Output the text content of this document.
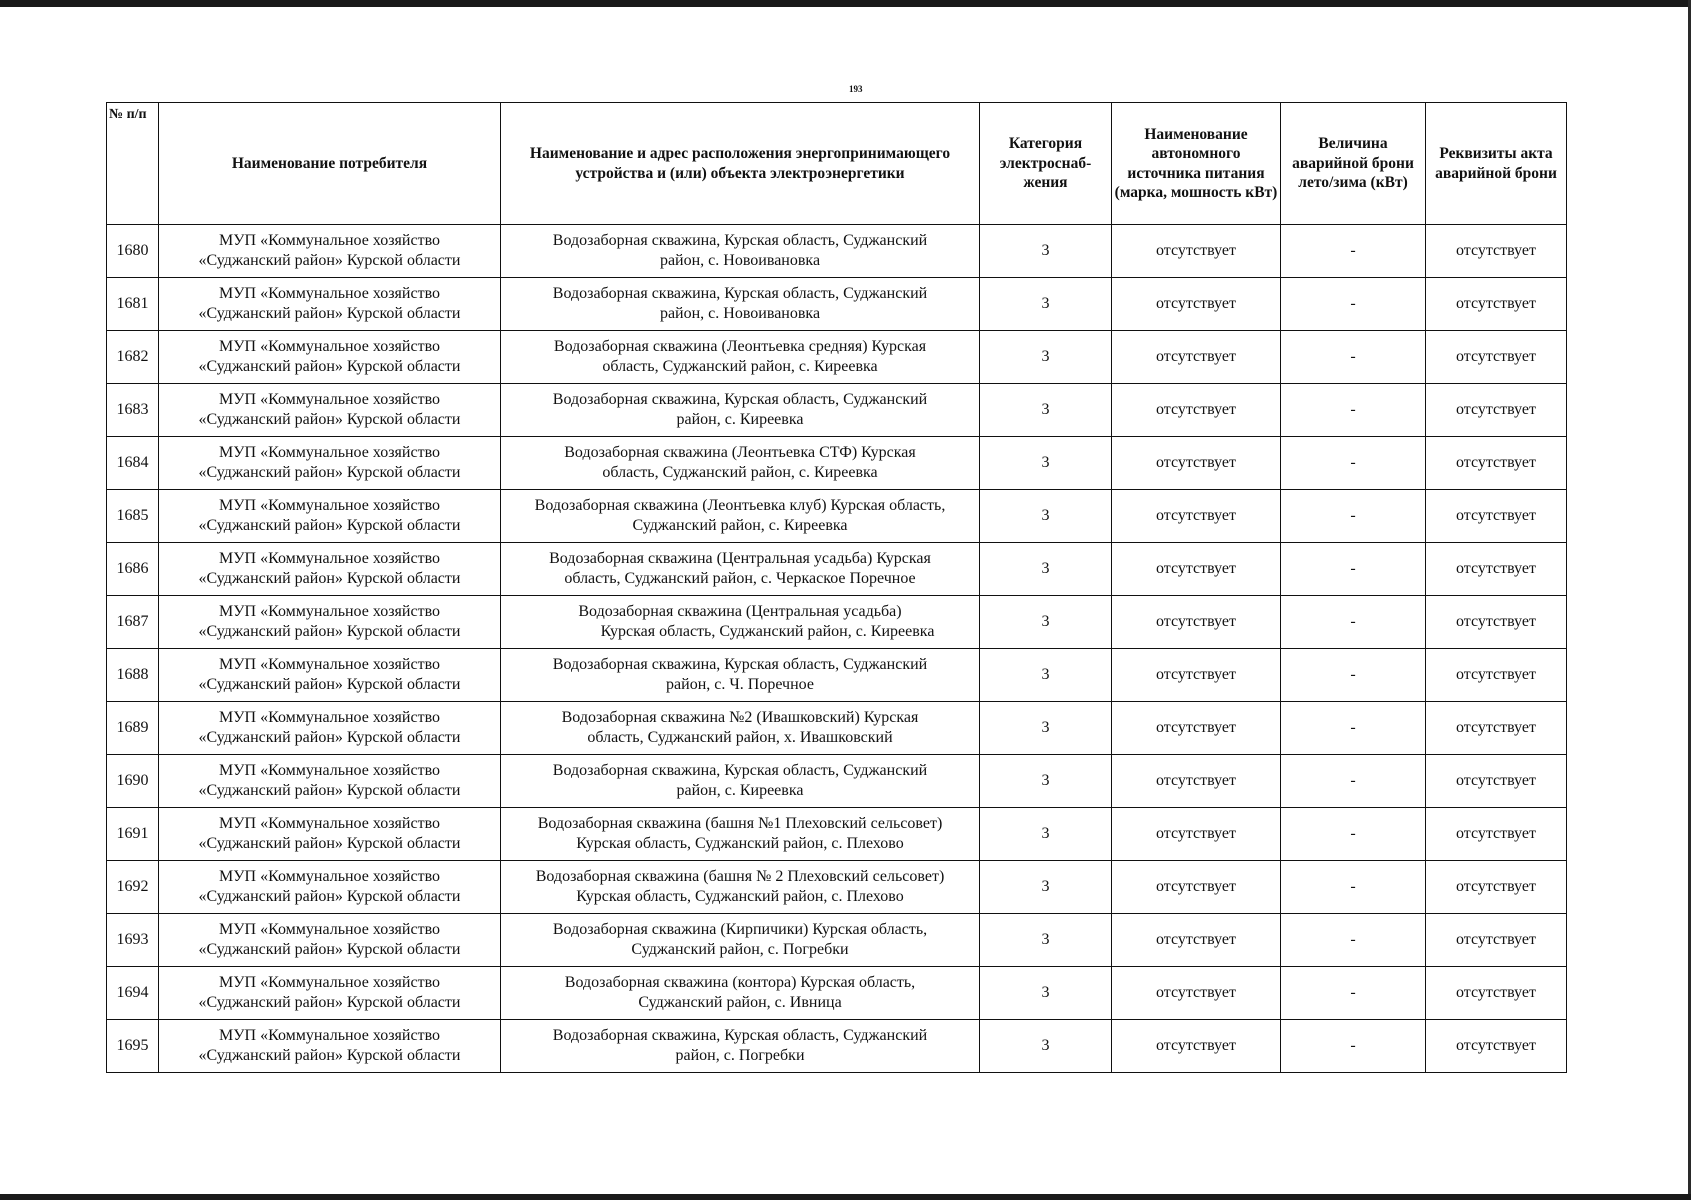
193
№ п/п	Наименование потребителя	Наименование и адрес расположения энергопринимающего устройства и (или) объекта электроэнергетики	Категория электроснаб-жения	Наименование автономного источника питания (марка, мошность кВт)	Величина аварийной брони лето/зима (кВт)	Реквизиты акта аварийной брони

1680	МУП «Коммунальное хозяйство
«Суджанский район» Курской области	Водозаборная скважина, Курская область, Суджанский
район, с. Новоивановка	3	отсутствует	-	отсутствует

1681	МУП «Коммунальное хозяйство
«Суджанский район» Курской области	Водозаборная скважина, Курская область, Суджанский
район, с. Новоивановка	3	отсутствует	-	отсутствует

1682	МУП «Коммунальное хозяйство
«Суджанский район» Курской области	Водозаборная скважина (Леонтьевка средняя) Курская
область, Суджанский район, с. Киреевка	3	отсутствует	-	отсутствует

1683	МУП «Коммунальное хозяйство
«Суджанский район» Курской области	Водозаборная скважина, Курская область, Суджанский
район, с. Киреевка	3	отсутствует	-	отсутствует

1684	МУП «Коммунальное хозяйство
«Суджанский район» Курской области	Водозаборная скважина (Леонтьевка СТФ) Курская
область, Суджанский район, с. Киреевка	3	отсутствует	-	отсутствует

1685	МУП «Коммунальное хозяйство
«Суджанский район» Курской области	Водозаборная скважина (Леонтьевка клуб) Курская область,
Суджанский район, с. Киреевка	3	отсутствует	-	отсутствует

1686	МУП «Коммунальное хозяйство
«Суджанский район» Курской области	Водозаборная скважина (Центральная усадьба) Курская
область, Суджанский район, с. Черкаское Поречное	3	отсутствует	-	отсутствует

1687	МУП «Коммунальное хозяйство
«Суджанский район» Курской области	Водозаборная скважина (Центральная усадьба)
Курская область, Суджанский район, с. Киреевка	3	отсутствует	-	отсутствует

1688	МУП «Коммунальное хозяйство
«Суджанский район» Курской области	Водозаборная скважина, Курская область, Суджанский
район, с. Ч. Поречное	3	отсутствует	-	отсутствует

1689	МУП «Коммунальное хозяйство
«Суджанский район» Курской области	Водозаборная скважина №2 (Ивашковский) Курская
область, Суджанский район, х. Ивашковский	3	отсутствует	-	отсутствует

1690	МУП «Коммунальное хозяйство
«Суджанский район» Курской области	Водозаборная скважина, Курская область, Суджанский
район, с. Киреевка	3	отсутствует	-	отсутствует

1691	МУП «Коммунальное хозяйство
«Суджанский район» Курской области	Водозаборная скважина (башня №1 Плеховский сельсовет)
Курская область, Суджанский район, с. Плехово	3	отсутствует	-	отсутствует

1692	МУП «Коммунальное хозяйство
«Суджанский район» Курской области	Водозаборная скважина (башня № 2 Плеховский сельсовет)
Курская область, Суджанский район, с. Плехово	3	отсутствует	-	отсутствует

1693	МУП «Коммунальное хозяйство
«Суджанский район» Курской области	Водозаборная скважина (Кирпичики) Курская область,
Суджанский район, с. Погребки	3	отсутствует	-	отсутствует

1694	МУП «Коммунальное хозяйство
«Суджанский район» Курской области	Водозаборная скважина (контора) Курская область,
Суджанский район, с. Ивница	3	отсутствует	-	отсутствует

1695	МУП «Коммунальное хозяйство
«Суджанский район» Курской области	Водозаборная скважина, Курская область, Суджанский
район, с. Погребки	3	отсутствует	-	отсутствует
